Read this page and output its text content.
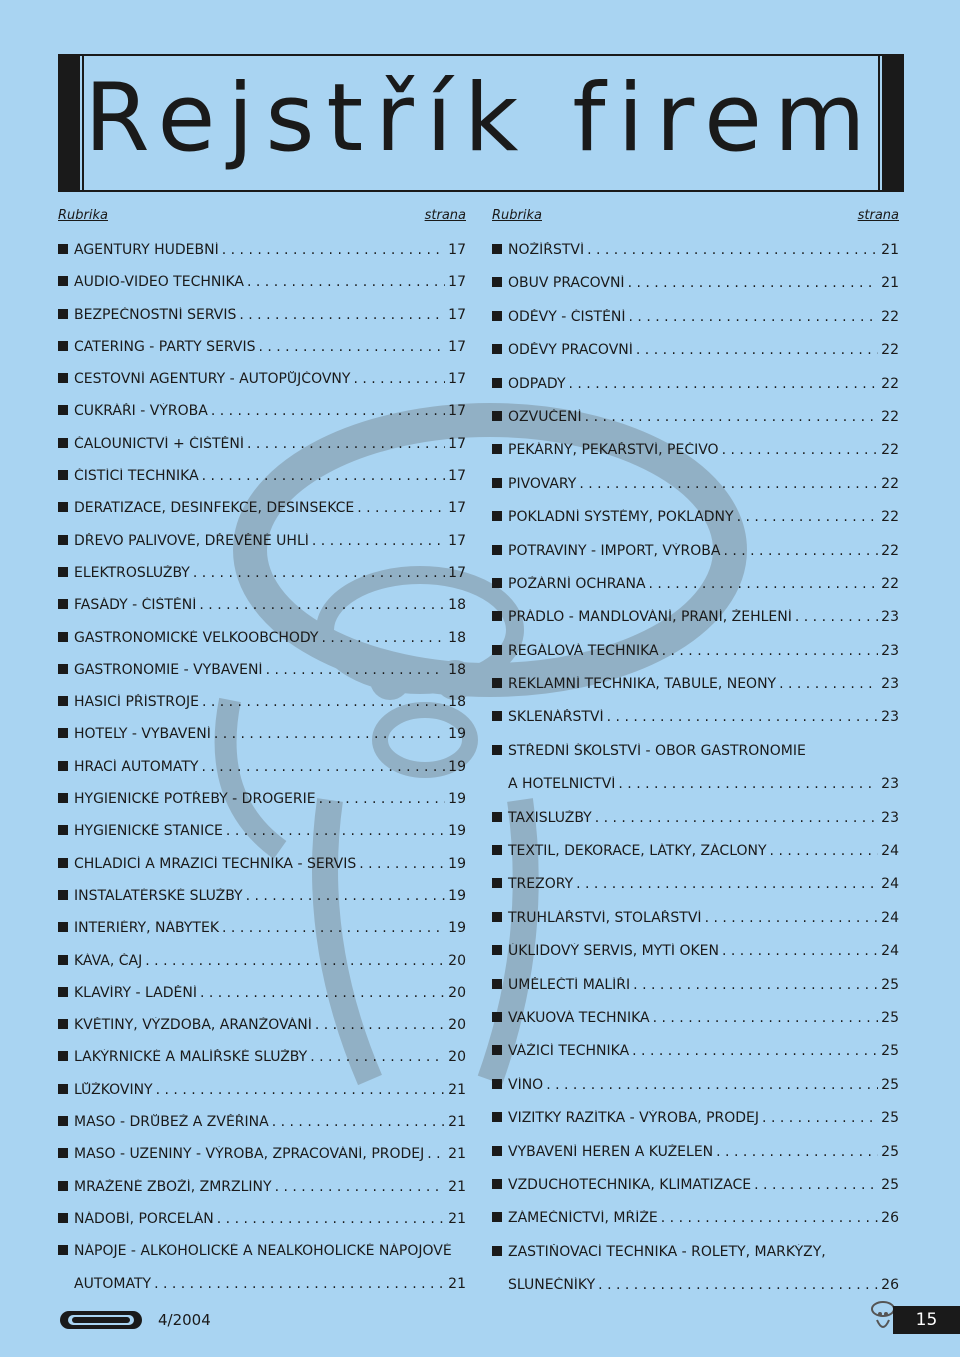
Rejstřík firem
Rubrika	strana
AGENTURY HUDEBNÍ . . .	17
AUDIO-VIDEO TECHNIKA . . .	17
BEZPEČNOSTNÍ SERVIS . . .	17
CATERING - PARTY SERVIS . . .	17
CESTOVNÍ AGENTURY - AUTOPŮJČOVNY . . .	17
CUKRÁŘI - VÝROBA . . .	17
ČALOUNICTVÍ + ČIŠTĚNÍ . . .	17
ČISTÍCÍ TECHNIKA . . .	17
DERATIZACE, DESINFEKCE, DESINSEKCE . . .	17
DŘEVO PALIVOVÉ, DŘEVĚNÉ UHLÍ . . .	17
ELEKTROSLUŽBY . . .	17
FASÁDY - ČIŠTĚNÍ . . .	18
GASTRONOMICKÉ VELKOOBCHODY . . .	18
GASTRONOMIE - VYBAVENÍ . . .	18
HASICÍ PŘÍSTROJE . . .	18
HOTELY - VYBAVENÍ . . .	19
HRACÍ AUTOMATY . . .	19
HYGIENICKÉ POTŘEBY - DROGERIE . . .	19
HYGIENICKÉ STANICE . . .	19
CHLADICÍ A MRAZICÍ TECHNIKA - SERVIS . . .	19
INSTALATÉRSKÉ SLUŽBY . . .	19
INTERIÉRY, NÁBYTEK . . .	19
KÁVA, ČAJ . . .	20
KLAVÍRY - LADĚNÍ . . .	20
KVĚTINY, VÝZDOBA, ARANŽOVÁNÍ . . .	20
LAKÝRNICKÉ A MALÍŘSKÉ SLUŽBY . . .	20
LŮŽKOVINY . . .	21
MASO - DRŮBEŽ A ZVĚŘINA . . .	21
MASO - UZENINY - VÝROBA, ZPRACOVÁNÍ, PRODEJ . . . 21
MRAŽENÉ ZBOŽÍ, ZMRZLINY . . .	21
NÁDOBÍ, PORCELÁN . . .	21
NÁPOJE - ALKOHOLICKÉ A NEALKOHOLICKÉ NÁPOJOVÉ
AUTOMATY . . .	21
Rubrika	strana
NOŽÍŘSTVÍ . . .	21
OBUV PRACOVNÍ . . .	21
ODĚVY - ČISTĚNÍ . . .	22
ODĚVY PRACOVNÍ . . .	22
ODPADY . . .	22
OZVUČENÍ . . .	22
PEKÁRNY, PEKAŘSTVÍ, PEČIVO . . .	22
PIVOVARY . . .	22
POKLADNÍ SYSTÉMY, POKLADNY . . .	22
POTRAVINY - IMPORT, VÝROBA . . .	22
POŽÁRNÍ OCHRANA . . .	22
PRÁDLO - MANDLOVÁNÍ, PRANÍ, ŽEHLENÍ . . .	23
REGÁLOVÁ TECHNIKA . . .	23
REKLAMNÍ TECHNIKA, TABULE, NEONY . . .	23
SKLENÁŘSTVÍ . . .	23
STŘEDNÍ ŠKOLSTVÍ - OBOR GASTRONOMIE
A HOTELNICTVÍ . . .	23
TAXISLUŽBY . . .	23
TEXTIL, DEKORACE, LÁTKY, ZÁCLONY . . .	24
TREZORY . . .	24
TRUHLÁŘSTVÍ, STOLAŘSTVÍ . . .	24
ÚKLIDOVÝ SERVIS, MYTÍ OKEN . . .	24
UMĚLEČTÍ MALÍŘI . . .	25
VAKUOVÁ TECHNIKA . . .	25
VÁŽICÍ TECHNIKA . . .	25
VÍNO . . .	25
VIZITKY RAZÍTKA - VÝROBA, PRODEJ . . .	25
VYBAVENÍ HEREN A KUŽELEN . . .	25
VZDUCHOTECHNIKA, KLIMATIZACE . . .	25
ZÁMEČNÍCTVÍ, MŘÍŽE . . .	26
ZASTIŇOVACÍ TECHNIKA - ROLETY, MARKÝZY,
SLUNEČNÍKY . . .	26
4/2004	15
